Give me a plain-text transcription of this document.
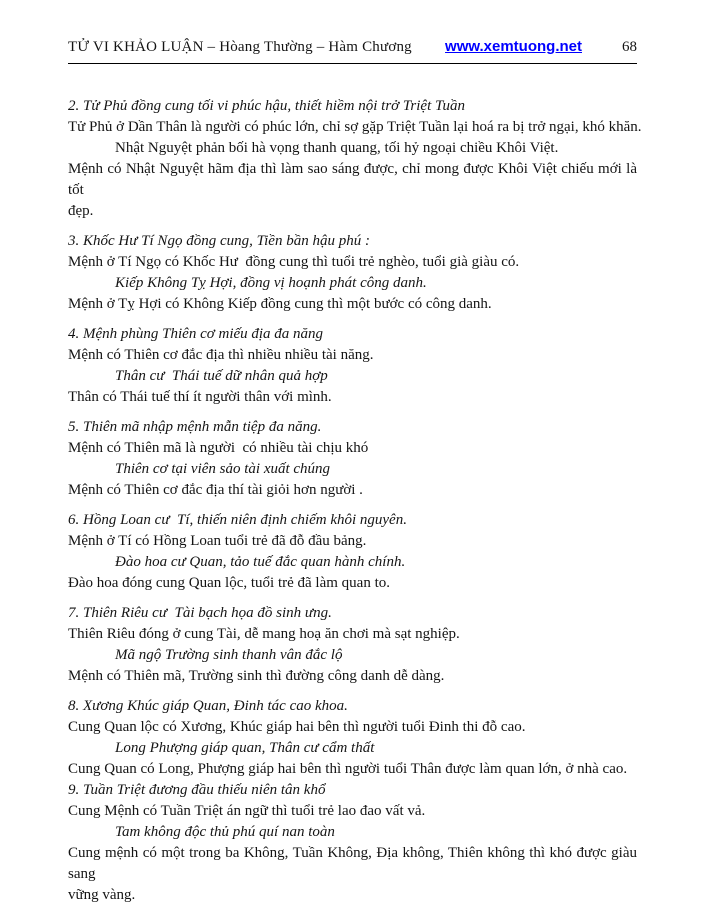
TỬ VI KHẢO LUẬN – Hòang Thường – Hàm Chương www.xemtuong.net	68
2. Tử Phủ đồng cung tối vi phúc hậu, thiết hiềm nội trở Triệt Tuần
Tử Phủ ở Dần Thân là người có phúc lớn, chỉ sợ gặp Triệt Tuần lại hoá ra bị trở ngại, khó khăn.
Nhật Nguyệt phản bối hà vọng thanh quang, tối hỷ ngoại chiều Khôi Việt.
Mệnh có Nhật Nguyệt hãm địa thì làm sao sáng được, chỉ mong được Khôi Việt chiếu mới là tốt
đẹp.
3. Khốc Hư Tí Ngọ đồng cung, Tiền bần hậu phú :
Mệnh ở Tí Ngọ có Khốc Hư  đồng cung thì tuổi trẻ nghèo, tuổi già giàu có.
Kiếp Không Tỵ Hợi, đồng vị hoạnh phát công danh.
Mệnh ở Tỵ Hợi có Không Kiếp đồng cung thì một bước có công danh.
4. Mệnh phùng Thiên cơ miếu địa đa năng
Mệnh có Thiên cơ đắc địa thì nhiều nhiều tài năng.
Thân cư  Thái tuế dữ nhân quả hợp
Thân có Thái tuế thí ít người thân với mình.
5. Thiên mã nhập mệnh mẫn tiệp đa năng.
Mệnh có Thiên mã là người  có nhiều tài chịu khó
Thiên cơ tại viên sảo tài xuất chúng
Mệnh có Thiên cơ đắc địa thí tài giỏi hơn người .
6. Hồng Loan cư  Tí, thiến niên định chiếm khôi nguyên.
Mệnh ở Tí có Hồng Loan tuổi trẻ đã đỗ đầu bảng.
Đào hoa cư Quan, tảo tuế đắc quan hành chính.
Đào hoa đóng cung Quan lộc, tuổi trẻ đã làm quan to.
7. Thiên Riêu cư  Tài bạch họa đồ sinh ưng.
Thiên Riêu đóng ở cung Tài, dễ mang hoạ ăn chơi mà sạt nghiệp.
Mã ngộ Trường sinh thanh vân đắc lộ
Mệnh có Thiên mã, Trường sinh thì đường công danh dễ dàng.
8. Xương Khúc giáp Quan, Đinh tác cao khoa.
Cung Quan lộc có Xương, Khúc giáp hai bên thì người tuổi Đinh thi đỗ cao.
Long Phượng giáp quan, Thân cư cẩm thất
Cung Quan có Long, Phượng giáp hai bên thì người tuổi Thân được làm quan lớn, ở nhà cao.
9. Tuần Triệt đương đầu thiếu niên tân khổ
Cung Mệnh có Tuần Triệt án ngữ thì tuổi trẻ lao đao vất vả.
Tam không độc thủ phú quí nan toàn
Cung mệnh có một trong ba Không, Tuần Không, Địa không, Thiên không thì khó được giàu sang
vững vàng.
